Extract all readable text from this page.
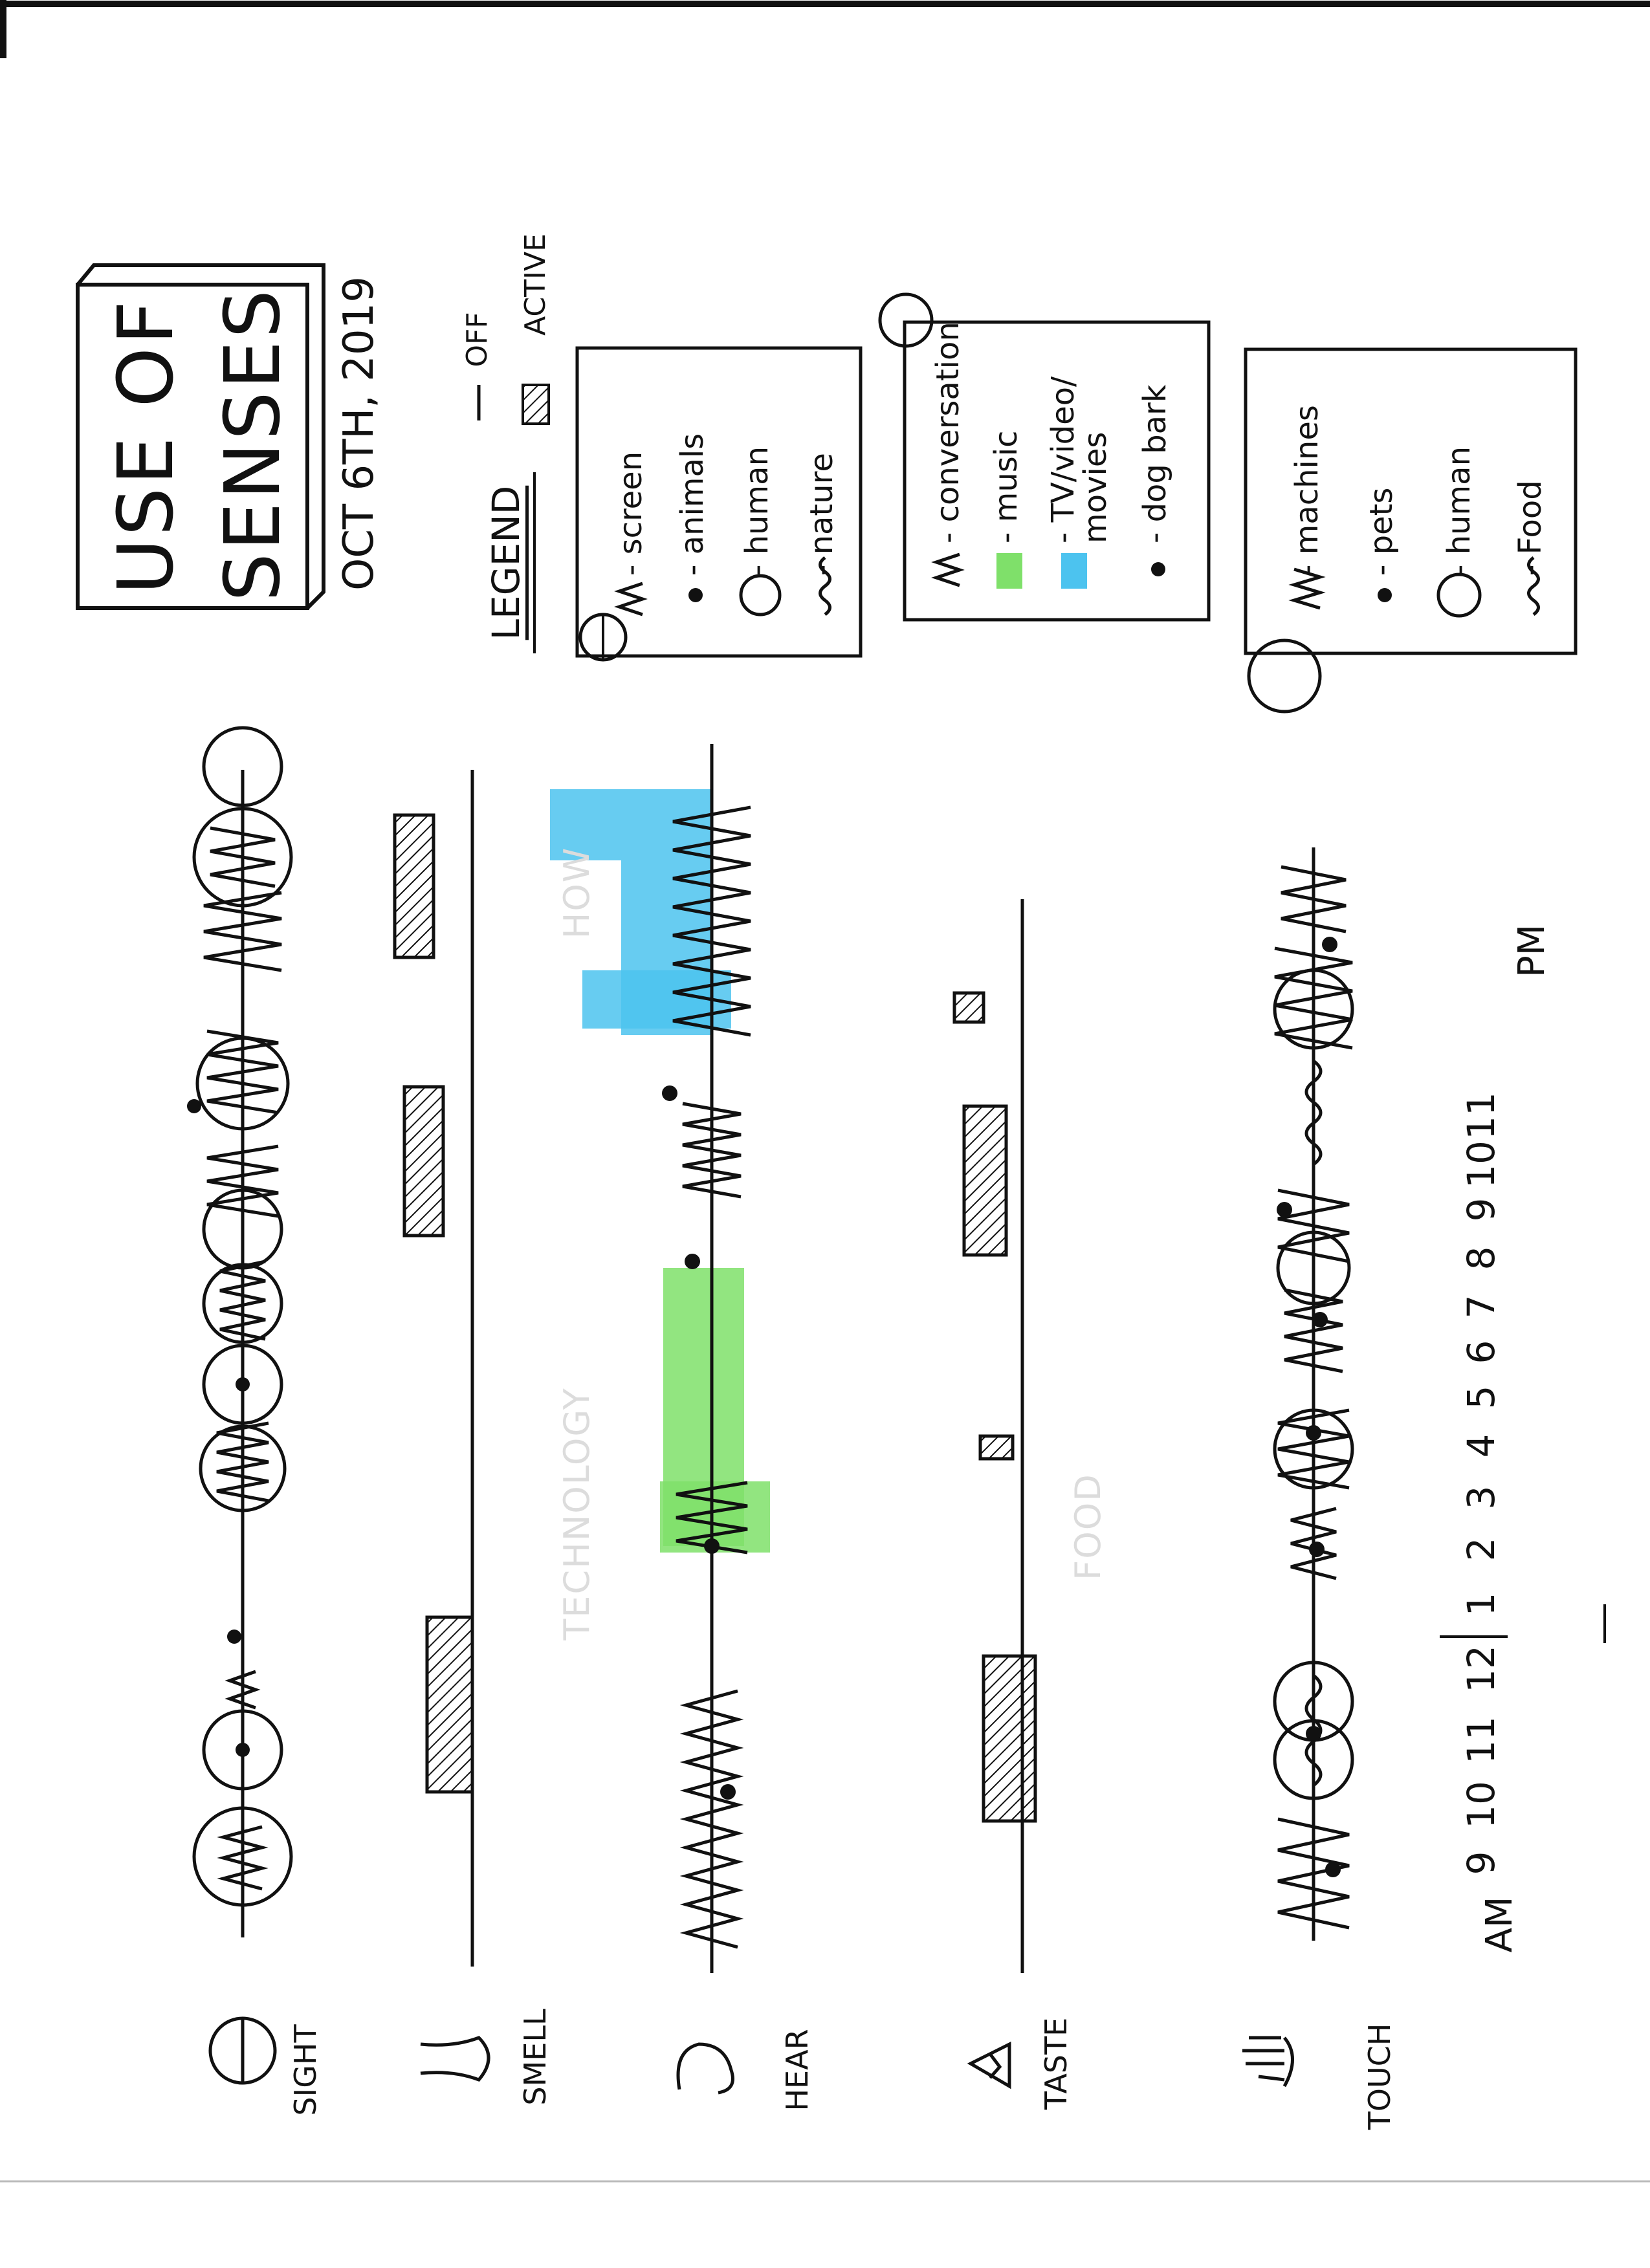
USE OF SENSES OCT 6TH, 2019	LEGEND
OFF
ACTIVE
- screen - animals - human - nature	- conversation - music - TV/video/ movies - dog bark	- machines - pets - human - Food
SIGHT	SMELL	HEAR	TASTE	TOUCH
9
10
11
12
1
2
3
4
5
6
7
8
9
10
11
AM
PM
TECHNOLOGY	FOOD
HOW
